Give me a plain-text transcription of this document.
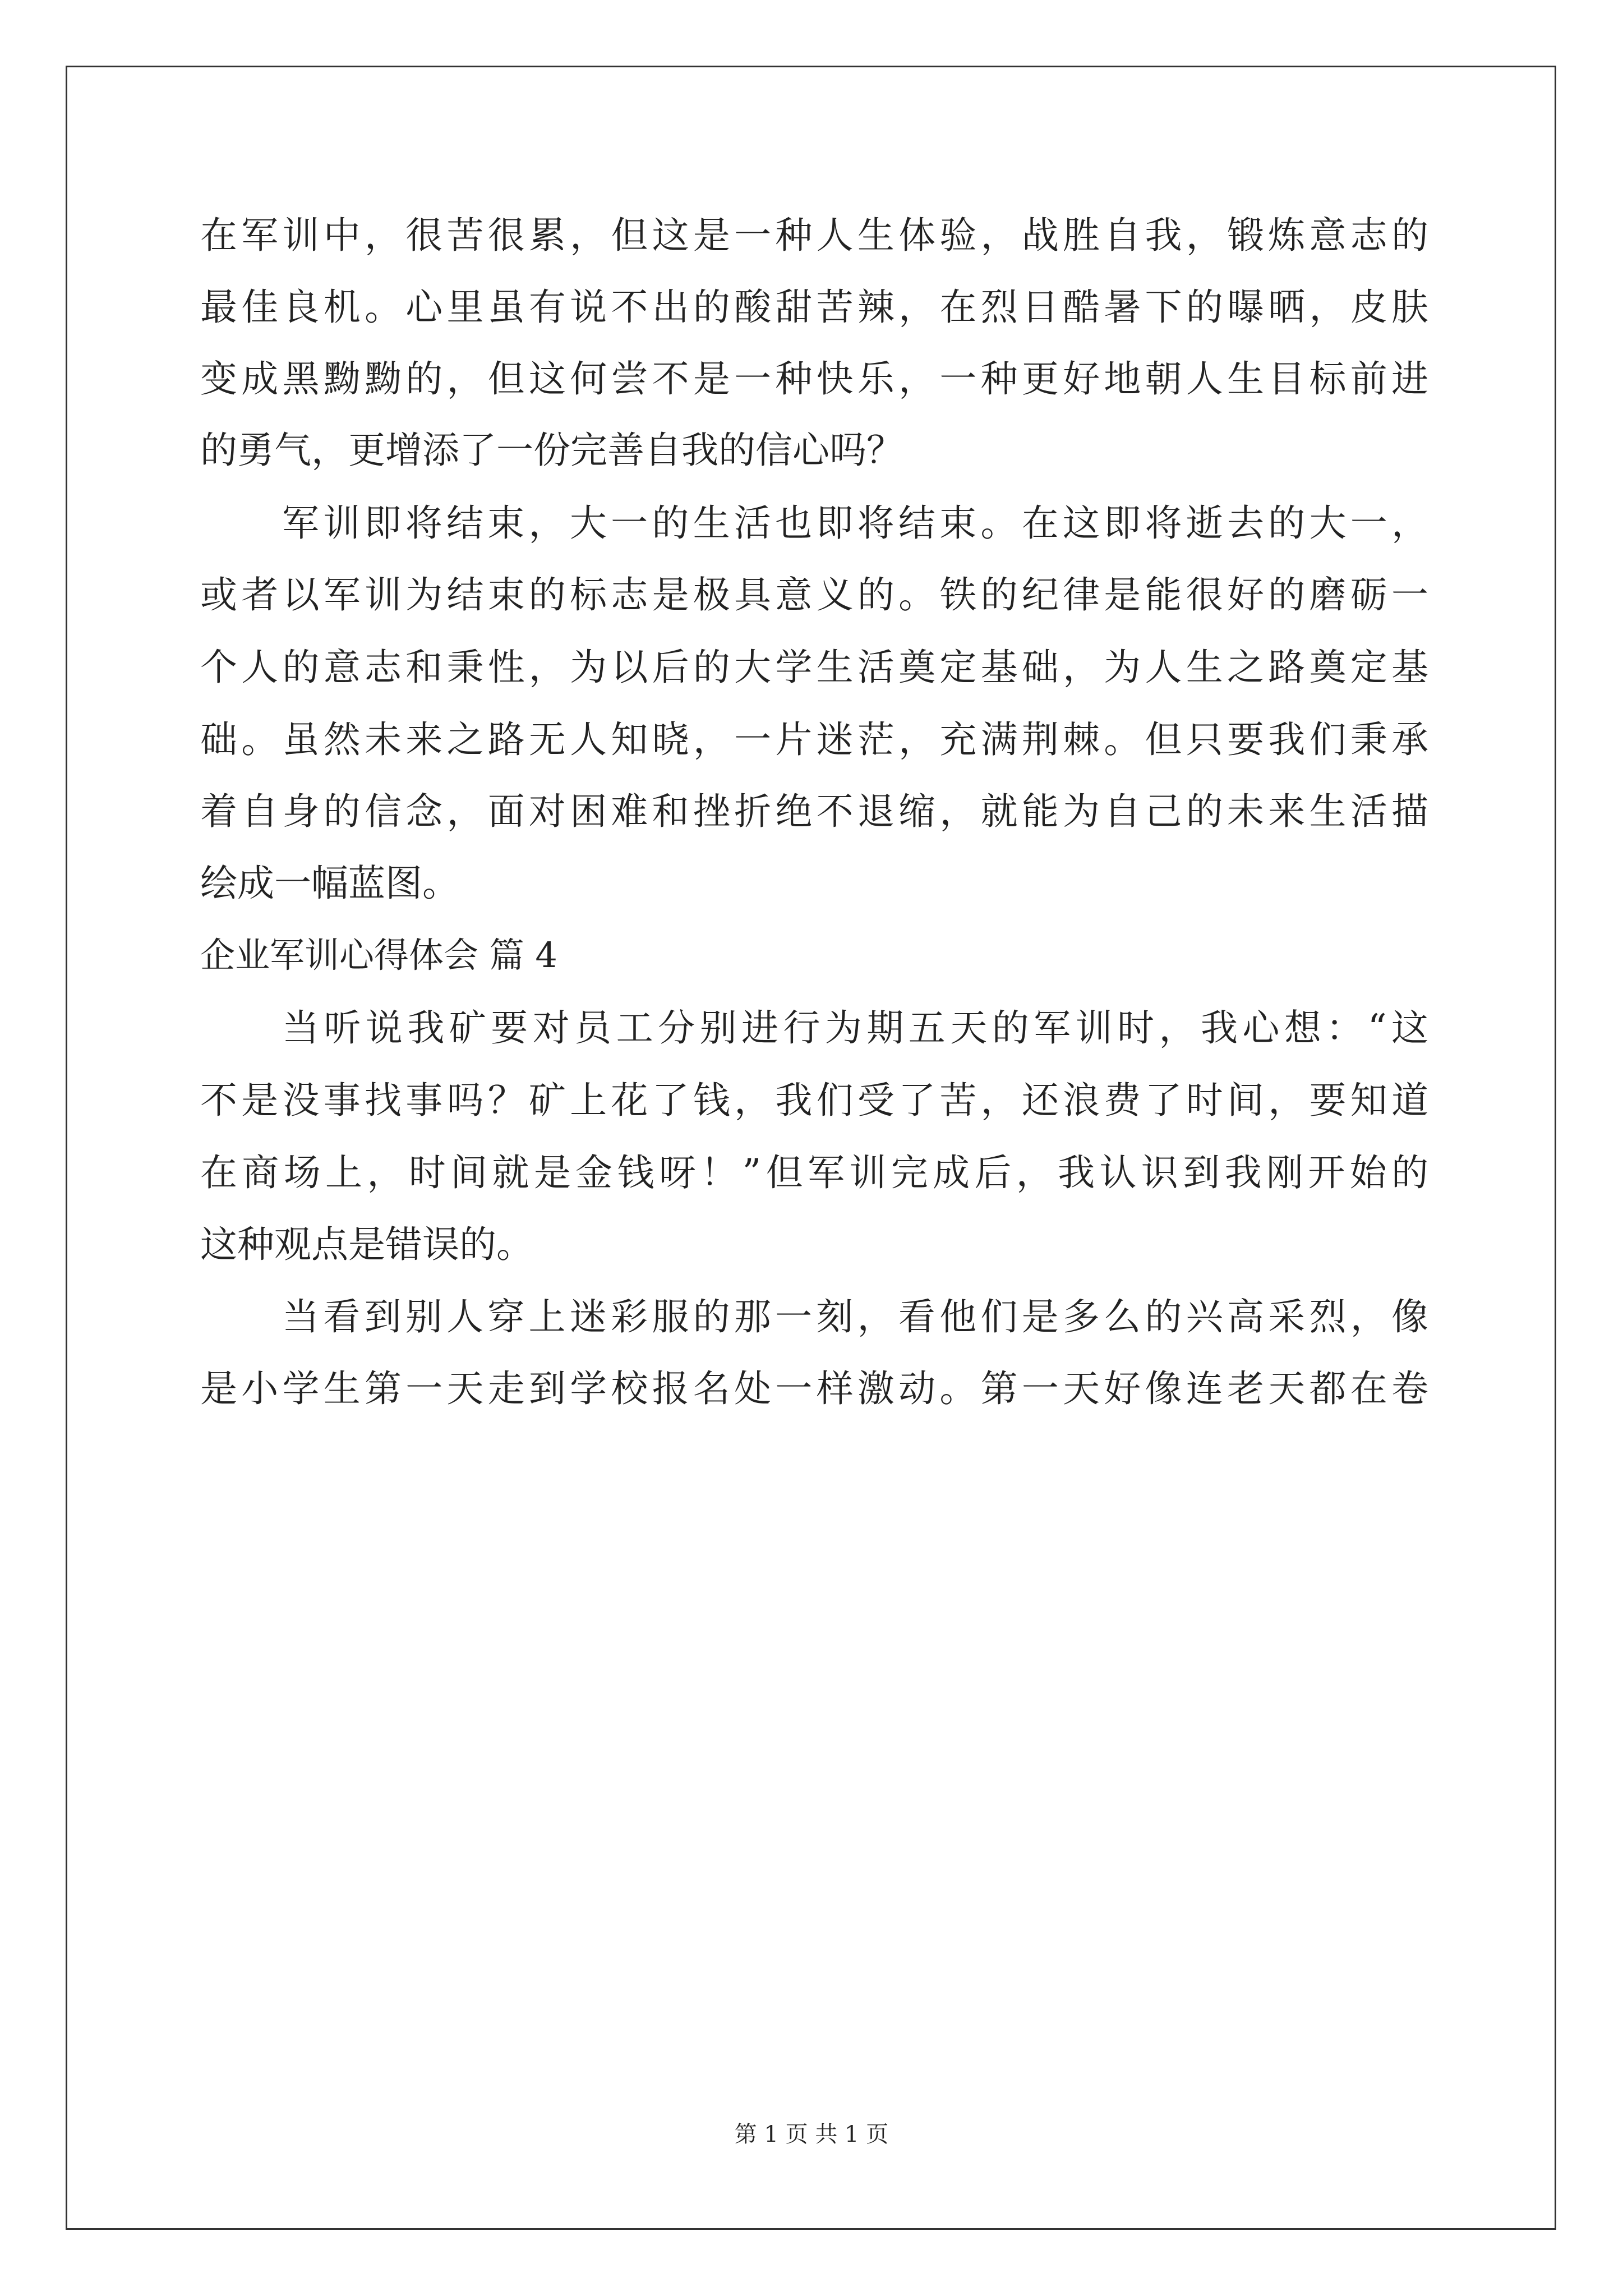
在军训中，很苦很累，但这是一种人生体验，战胜自我，锻炼意志的
最佳良机。心里虽有说不出的酸甜苦辣，在烈日酷暑下的曝晒，皮肤
变成黑黝黝的，但这何尝不是一种快乐，一种更好地朝人生目标前进
的勇气，更增添了一份完善自我的信心吗？
军训即将结束，大一的生活也即将结束。在这即将逝去的大一，
或者以军训为结束的标志是极具意义的。铁的纪律是能很好的磨砺一
个人的意志和秉性，为以后的大学生活奠定基础，为人生之路奠定基
础。虽然未来之路无人知晓，一片迷茫，充满荆棘。但只要我们秉承
着自身的信念，面对困难和挫折绝不退缩，就能为自己的未来生活描
绘成一幅蓝图。
企业军训心得体会 篇 4
当听说我矿要对员工分别进行为期五天的军训时，我心想：“这
不是没事找事吗？矿上花了钱，我们受了苦，还浪费了时间，要知道
在商场上，时间就是金钱呀！”但军训完成后，我认识到我刚开始的
这种观点是错误的。
当看到别人穿上迷彩服的那一刻，看他们是多么的兴高采烈，像
是小学生第一天走到学校报名处一样激动。第一天好像连老天都在卷
第 1 页 共 1 页
